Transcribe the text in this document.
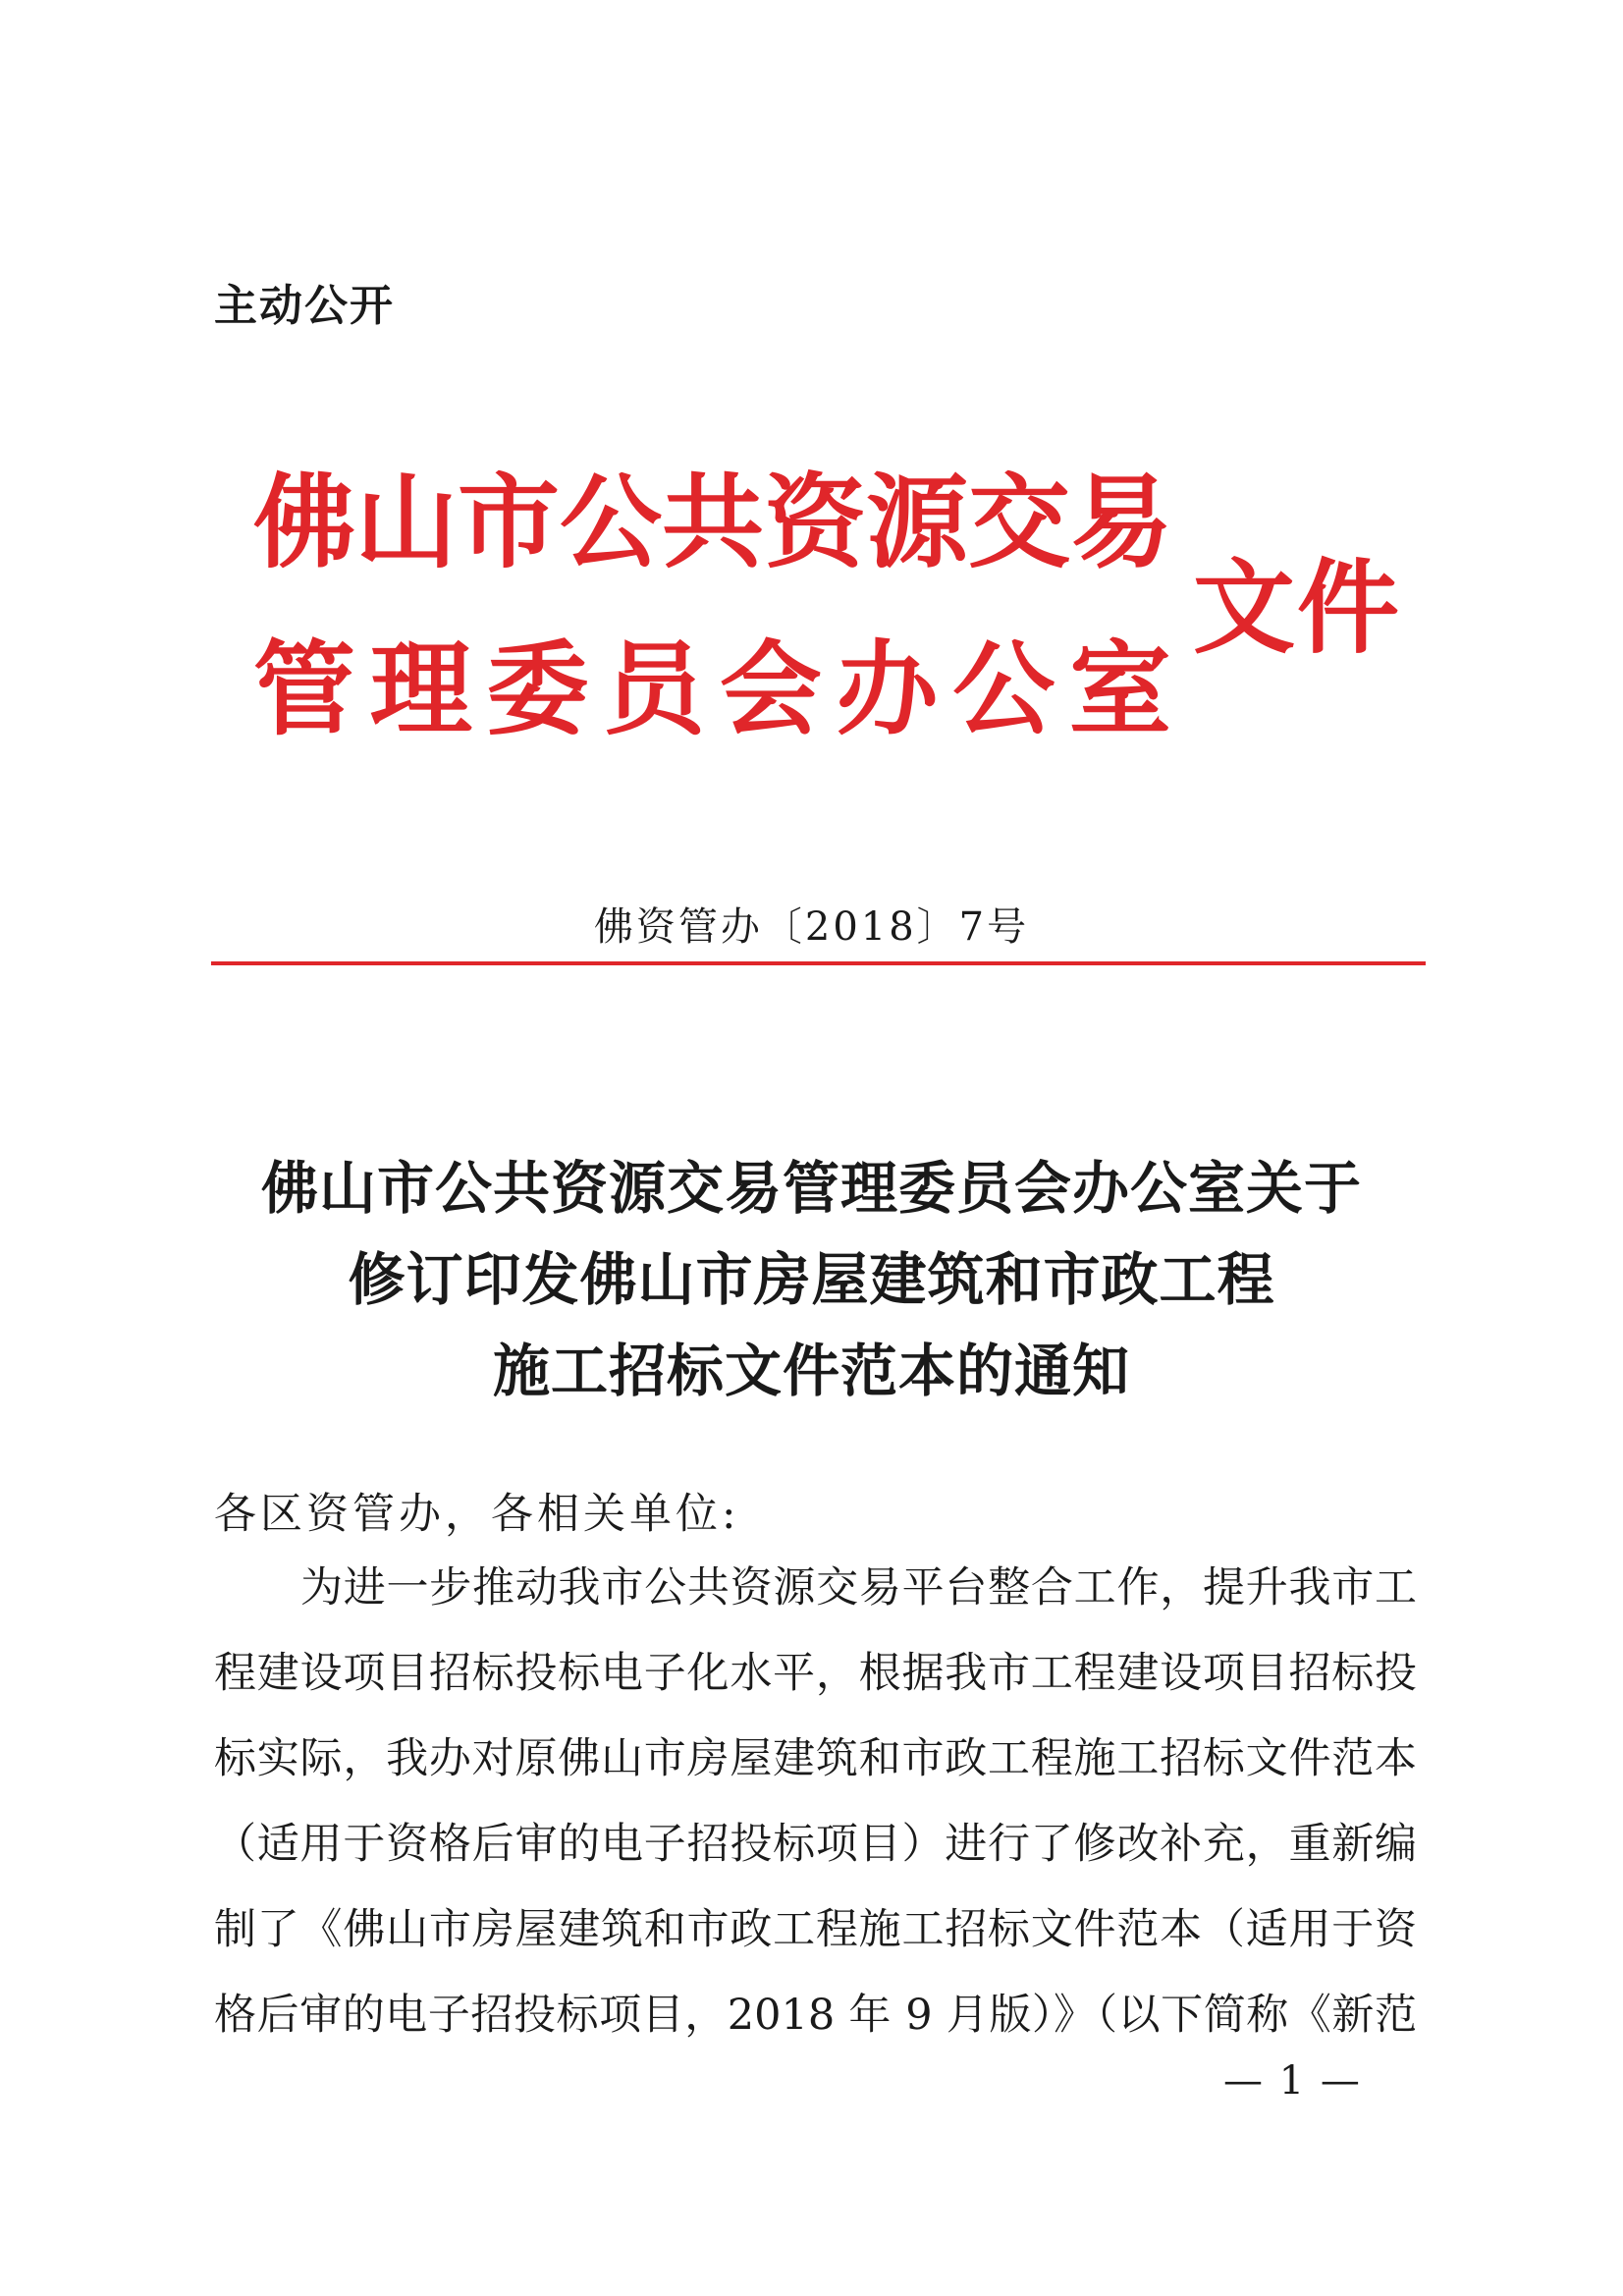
主动公开
佛 山 市 公 共 资 源 交 易
管 理 委 员 会 办 公 室
文件
佛资管办〔2018〕7号
佛山市公共资源交易管理委员会办公室关于
修订印发佛山市房屋建筑和市政工程
施工招标文件范本的通知
各区资管办，各相关单位:
为进一步推动我市公共资源交易平台整合工作，提升我市工
程建设项目招标投标电子化水平，根据我市工程建设项目招标投
标实际，我办对原佛山市房屋建筑和市政工程施工招标文件范本
（适用于资格后审的电子招投标项目）进行了修改补充，重新编
制了《佛山市房屋建筑和市政工程施工招标文件范本（适用于资
格后审的电子招投标项目，2018 年 9 月版）》（以下简称《新范
— 1 —
